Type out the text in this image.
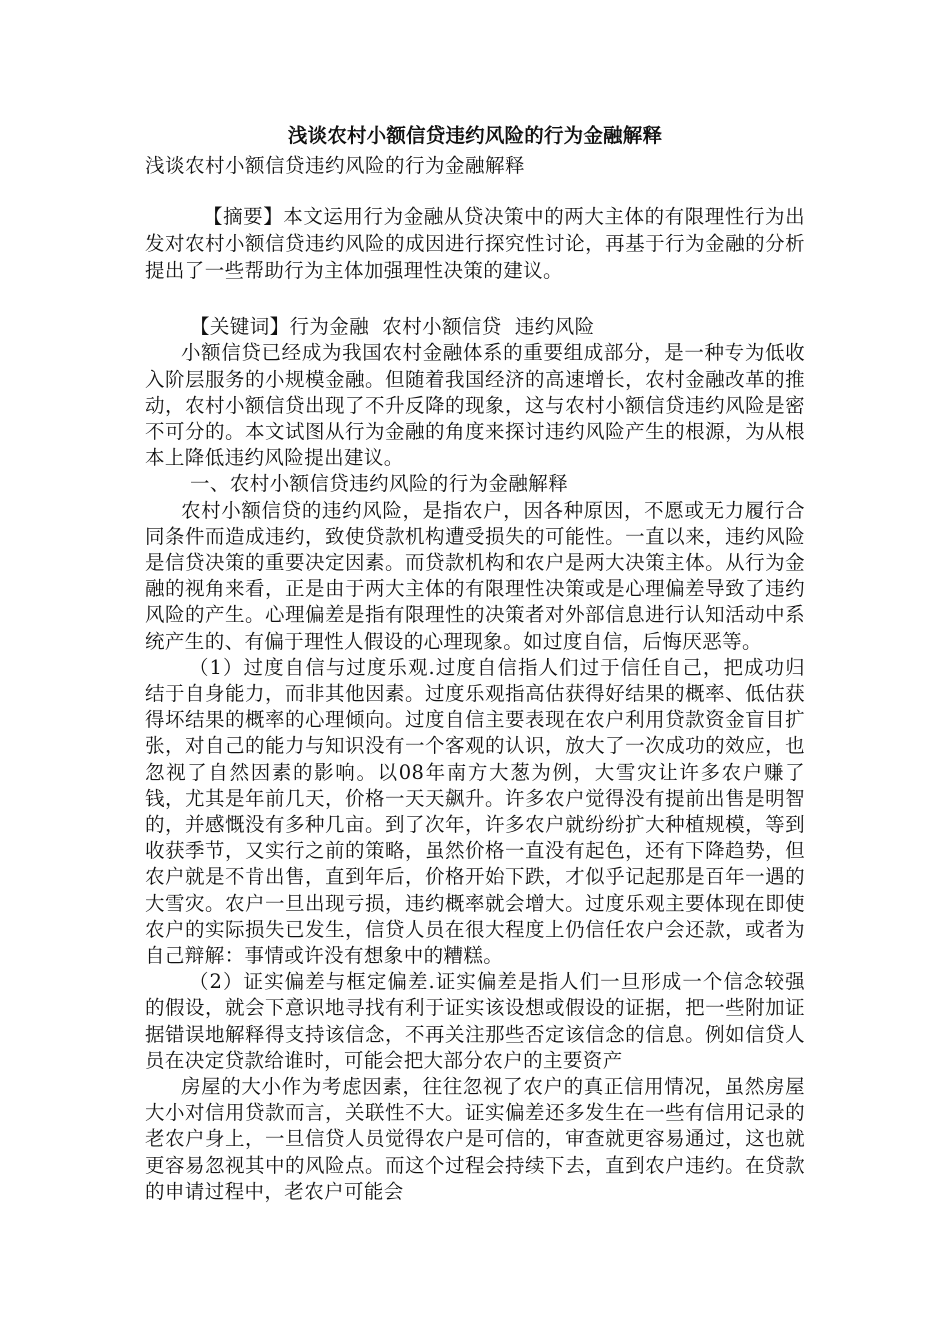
浅谈农村小额信贷违约风险的行为金融解释

浅谈农村小额信贷违约风险的行为金融解释

【摘要】本文运用行为金融从贷决策中的两大主体的有限理性行为出发对农村小额信贷违约风险的成因进行探究性讨论，再基于行为金融的分析提出了一些帮助行为主体加强理性决策的建议。

【关键词】行为金融  农村小额信贷  违约风险

小额信贷已经成为我国农村金融体系的重要组成部分，是一种专为低收入阶层服务的小规模金融。但随着我国经济的高速增长，农村金融改革的推动，农村小额信贷出现了不升反降的现象，这与农村小额信贷违约风险是密不可分的。本文试图从行为金融的角度来探讨违约风险产生的根源，为从根本上降低违约风险提出建议。

一、农村小额信贷违约风险的行为金融解释

农村小额信贷的违约风险，是指农户，因各种原因，不愿或无力履行合同条件而造成违约，致使贷款机构遭受损失的可能性。一直以来，违约风险是信贷决策的重要决定因素。而贷款机构和农户是两大决策主体。从行为金融的视角来看，正是由于两大主体的有限理性决策或是心理偏差导致了违约风险的产生。心理偏差是指有限理性的决策者对外部信息进行认知活动中系统产生的、有偏于理性人假设的心理现象。如过度自信，后悔厌恶等。

（1）过度自信与过度乐观.过度自信指人们过于信任自己，把成功归结于自身能力，而非其他因素。过度乐观指高估获得好结果的概率、低估获得坏结果的概率的心理倾向。过度自信主要表现在农户利用贷款资金盲目扩张，对自己的能力与知识没有一个客观的认识，放大了一次成功的效应，也忽视了自然因素的影响。以08年南方大葱为例，大雪灾让许多农户赚了钱，尤其是年前几天，价格一天天飙升。许多农户觉得没有提前出售是明智的，并感慨没有多种几亩。到了次年，许多农户就纷纷扩大种植规模，等到收获季节，又实行之前的策略，虽然价格一直没有起色，还有下降趋势，但农户就是不肯出售，直到年后，价格开始下跌，才似乎记起那是百年一遇的大雪灾。农户一旦出现亏损，违约概率就会增大。过度乐观主要体现在即使农户的实际损失已发生，信贷人员在很大程度上仍信任农户会还款，或者为自己辩解：事情或许没有想象中的糟糕。

（2）证实偏差与框定偏差.证实偏差是指人们一旦形成一个信念较强的假设，就会下意识地寻找有利于证实该设想或假设的证据，把一些附加证据错误地解释得支持该信念，不再关注那些否定该信念的信息。例如信贷人员在决定贷款给谁时，可能会把大部分农户的主要资产

房屋的大小作为考虑因素，往往忽视了农户的真正信用情况，虽然房屋大小对信用贷款而言，关联性不大。证实偏差还多发生在一些有信用记录的老农户身上，一旦信贷人员觉得农户是可信的，审查就更容易通过，这也就更容易忽视其中的风险点。而这个过程会持续下去，直到农户违约。在贷款的申请过程中，老农户可能会
